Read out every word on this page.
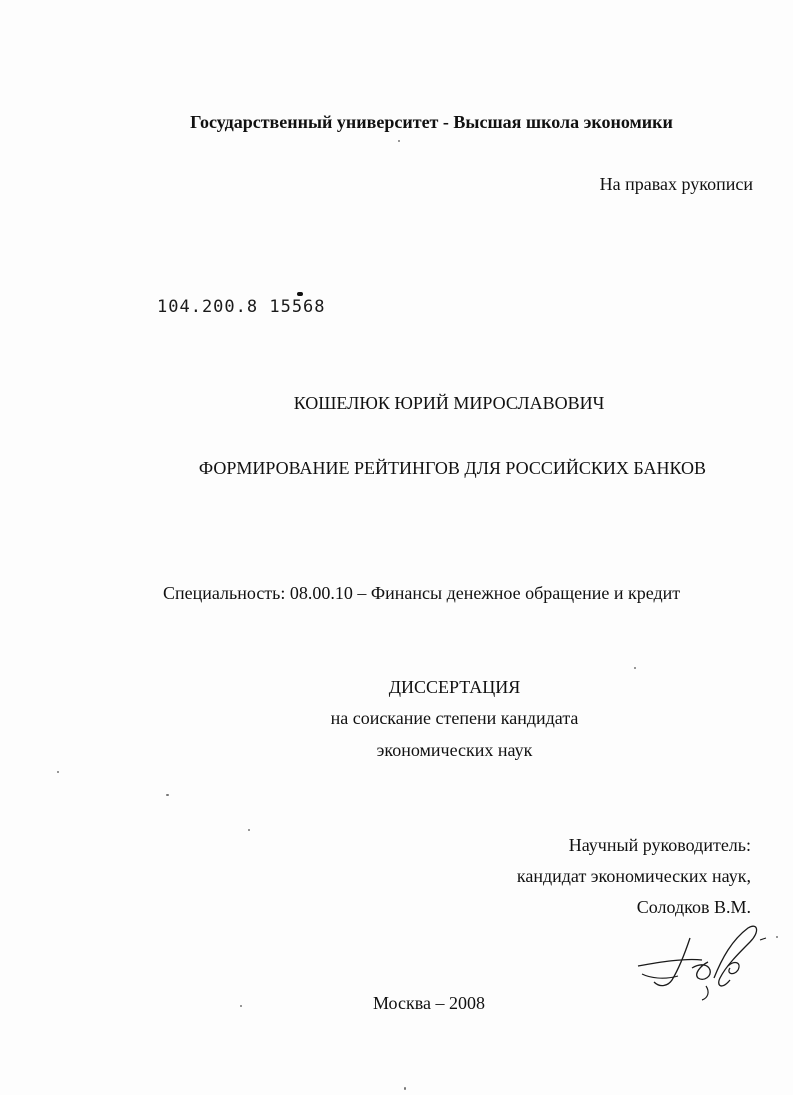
Государственный университет - Высшая школа экономики
На правах рукописи
104.200.8 15568
КОШЕЛЮК ЮРИЙ МИРОСЛАВОВИЧ
ФОРМИРОВАНИЕ РЕЙТИНГОВ ДЛЯ РОССИЙСКИХ БАНКОВ
Специальность: 08.00.10 – Финансы денежное обращение и кредит
ДИССЕРТАЦИЯ
на соискание степени кандидата
экономических наук
Научный руководитель:
кандидат экономических наук,
Солодков В.М.
Москва – 2008
